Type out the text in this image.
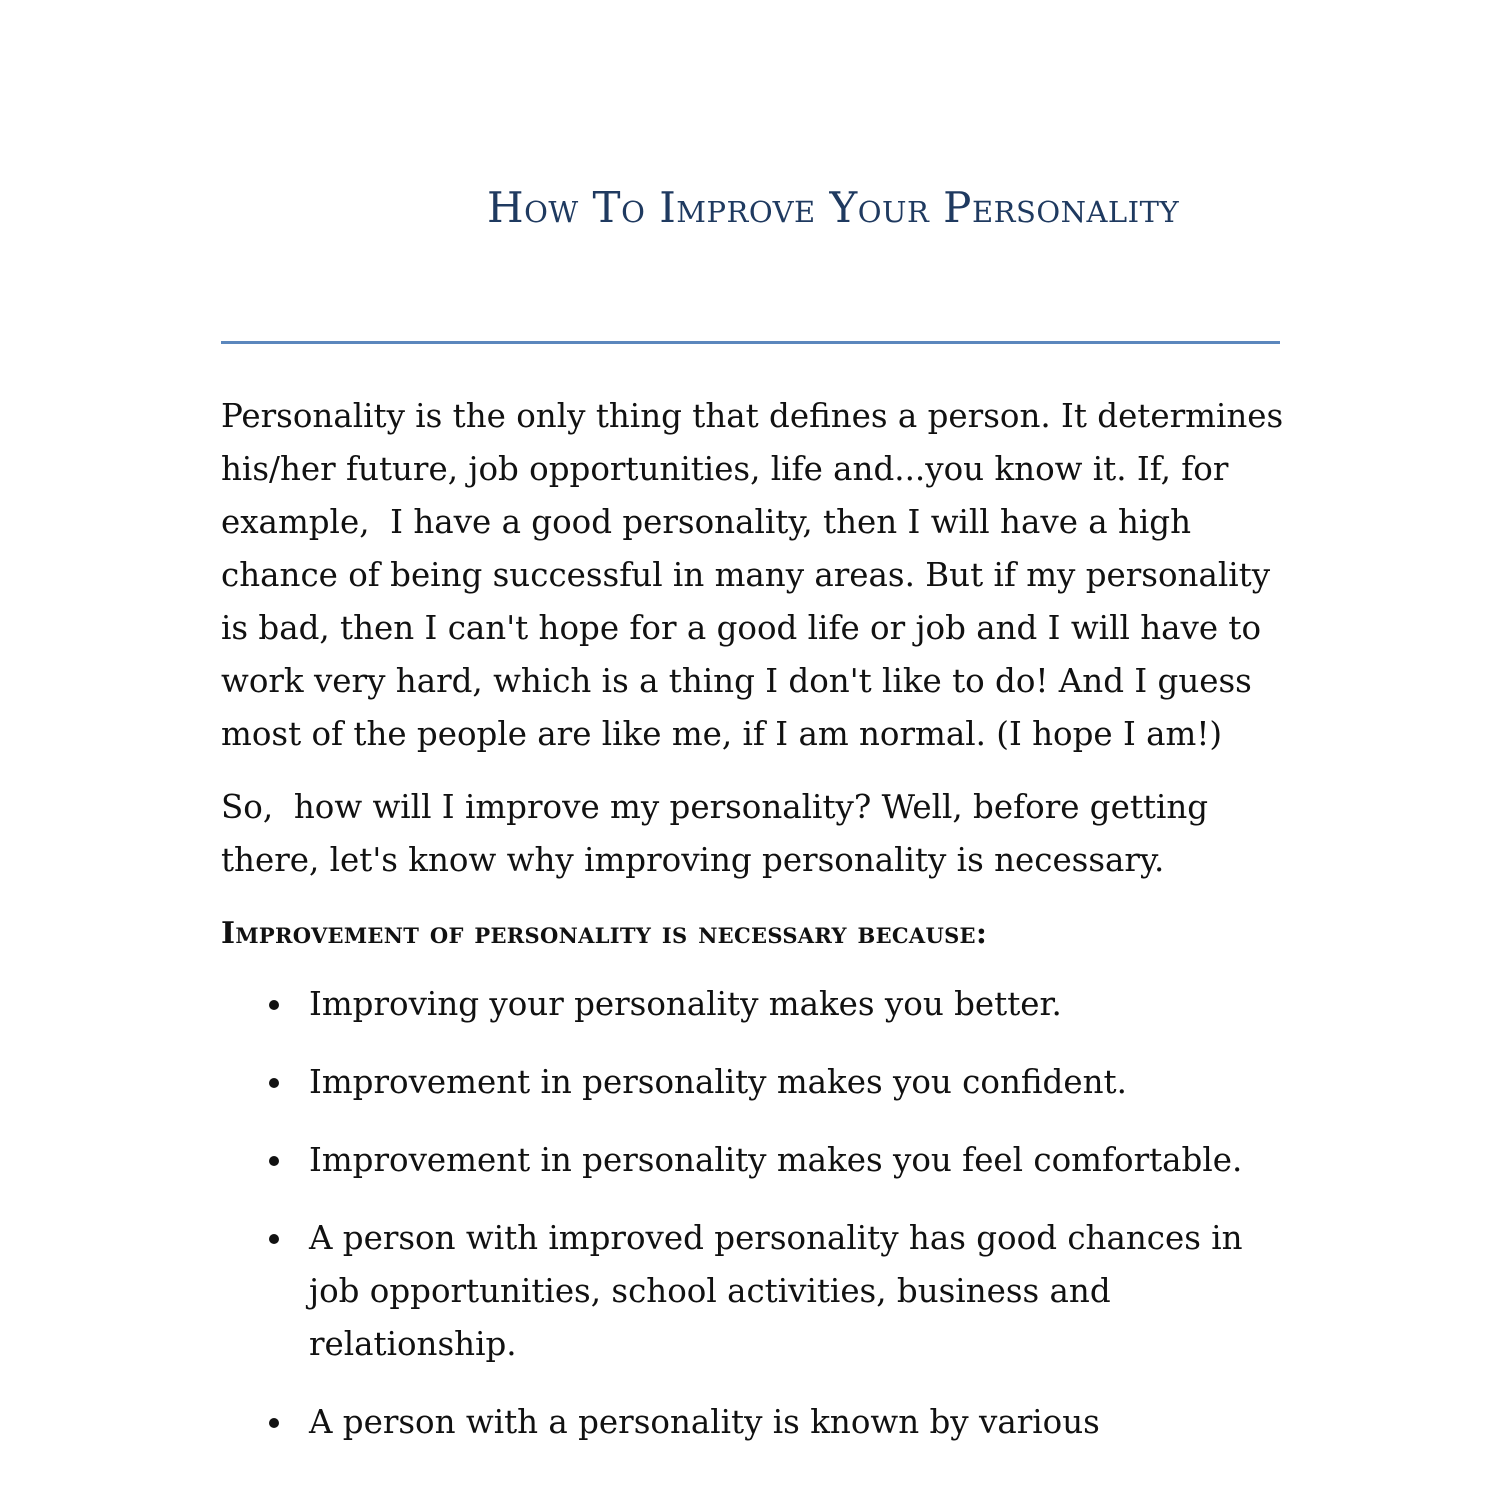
How To Improve Your Personality

Personality is the only thing that defines a person. It determines his/her future, job opportunities, life and...you know it. If, for example,  I have a good personality, then I will have a high chance of being successful in many areas. But if my personality is bad, then I can't hope for a good life or job and I will have to work very hard, which is a thing I don't like to do! And I guess most of the people are like me, if I am normal. (I hope I am!)

So,  how will I improve my personality? Well, before getting there, let's know why improving personality is necessary.

Improvement of personality is necessary because:
Improving your personality makes you better.
Improvement in personality makes you confident.
Improvement in personality makes you feel comfortable.
A person with improved personality has good chances in job opportunities, school activities, business and relationship.
A person with a personality is known by various
